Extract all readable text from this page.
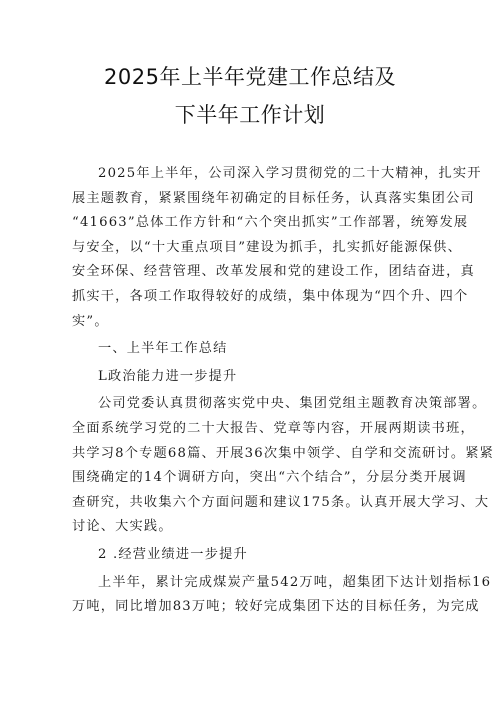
2025年上半年党建工作总结及
下半年工作计划
2025年上半年，公司深入学习贯彻党的二十大精神，扎实开
展主题教育，紧紧围绕年初确定的目标任务，认真落实集团公司
“41663”总体工作方针和“六个突出抓实”工作部署，统筹发展
与安全，以“十大重点项目”建设为抓手，扎实抓好能源保供、
安全环保、经营管理、改革发展和党的建设工作，团结奋进，真
抓实干，各项工作取得较好的成绩，集中体现为“四个升、四个
实”。
一、上半年工作总结
L政治能力进一步提升
公司党委认真贯彻落实党中央、集团党组主题教育决策部署。
全面系统学习党的二十大报告、党章等内容，开展两期读书班，
共学习8个专题68篇、开展36次集中领学、自学和交流研讨。紧紧
围绕确定的14个调研方向，突出“六个结合”，分层分类开展调
查研究，共收集六个方面问题和建议175条。认真开展大学习、大
讨论、大实践。
2 .经营业绩进一步提升
上半年，累计完成煤炭产量542万吨，超集团下达计划指标16
万吨，同比增加83万吨；较好完成集团下达的目标任务，为完成
